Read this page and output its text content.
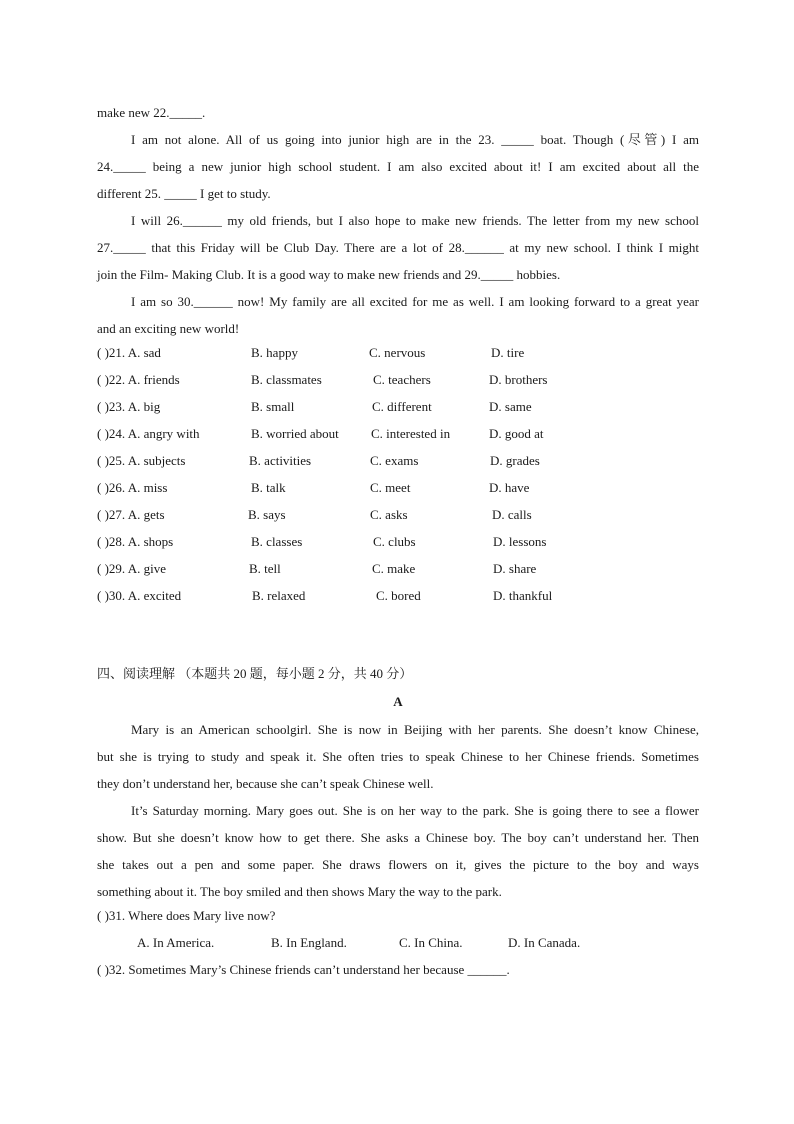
make new 22._____.
I am not alone. All of us going into junior high are in the 23. _____ boat. Though (尽管) I am
24._____ being a new junior high school student. I am also excited about it! I am excited about all the
different 25. _____ I get to study.
I will 26.______ my old friends, but I also hope to make new friends. The letter from my new school
27._____ that this Friday will be Club Day. There are a lot of 28.______ at my new school. I think I might
join the Film- Making Club. It is a good way to make new friends and 29._____ hobbies.
I am so 30.______ now! My family are all excited for me as well. I am looking forward to a great year
and an exciting new world!
( )21. A. sad	B. happy	C. nervous	D. tire
( )22. A. friends	B. classmates	C. teachers	D. brothers
( )23. A. big	B. small	C. different	D. same
( )24. A. angry with	B. worried about C. interested in	D. good at
( )25. A. subjects	B. activities	C. exams	D. grades
( )26. A. miss	B. talk	C. meet	D. have
( )27. A. gets	B. says	C. asks	D. calls
( )28. A. shops	B. classes	C. clubs	D. lessons
( )29. A. give	B. tell	C. make	D. share
( )30. A. excited	B. relaxed	C. bored	D. thankful
四、阅读理解 （本题共 20 题，每小题 2 分，共 40 分）
A
Mary is an American schoolgirl. She is now in Beijing with her parents. She doesn’t know Chinese,
but she is trying to study and speak it. She often tries to speak Chinese to her Chinese friends. Sometimes
they don’t understand her, because she can’t speak Chinese well.
It’s Saturday morning. Mary goes out. She is on her way to the park. She is going there to see a flower
show. But she doesn’t know how to get there. She asks a Chinese boy. The boy can’t understand her. Then
she takes out a pen and some paper. She draws flowers on it, gives the picture to the boy and ways
something about it. The boy smiled and then shows Mary the way to the park.
( )31. Where does Mary live now?
A. In America.	B. In England.	C. In China.	D. In Canada.
( )32. Sometimes Mary’s Chinese friends can’t understand her because ______.
